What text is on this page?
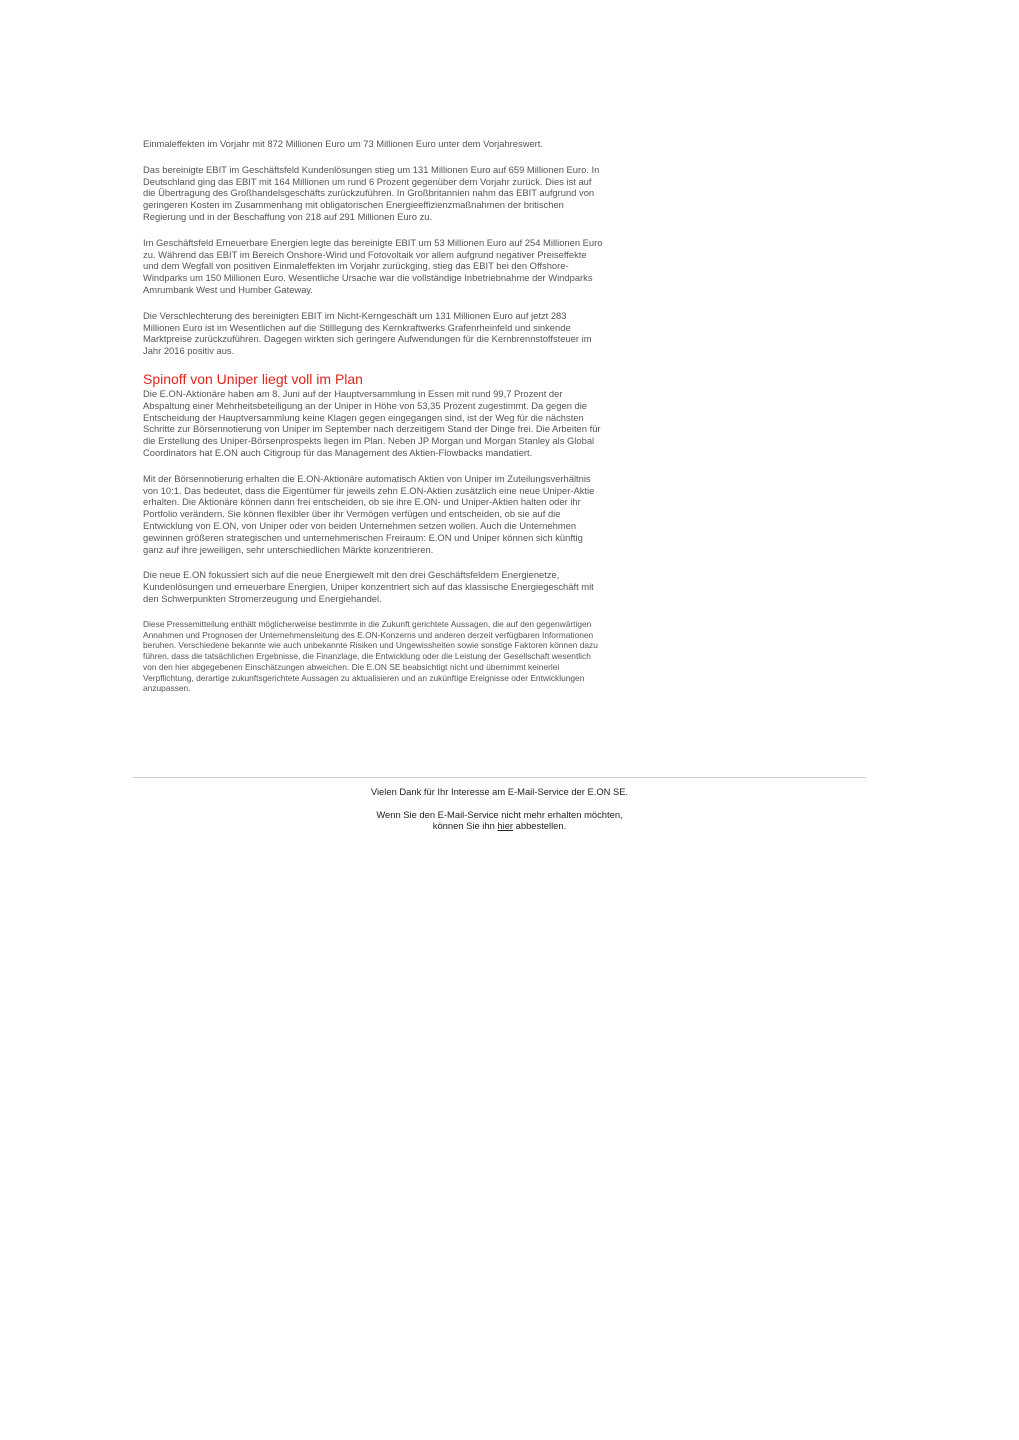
Einmaleffekten im Vorjahr mit 872 Millionen Euro um 73 Millionen Euro unter dem Vorjahreswert.

Das bereinigte EBIT im Geschäftsfeld Kundenlösungen stieg um 131 Millionen Euro auf 659 Millionen Euro. In Deutschland ging das EBIT mit 164 Millionen um rund 6 Prozent gegenüber dem Vorjahr zurück. Dies ist auf die Übertragung des Großhandelsgeschäfts zurückzuführen. In Großbritannien nahm das EBIT aufgrund von geringeren Kosten im Zusammenhang mit obligatorischen Energieeffizienzmaßnahmen der britischen Regierung und in der Beschaffung von 218 auf 291 Millionen Euro zu.

Im Geschäftsfeld Erneuerbare Energien legte das bereinigte EBIT um 53 Millionen Euro auf 254 Millionen Euro zu. Während das EBIT im Bereich Onshore-Wind und Fotovoltaik vor allem aufgrund negativer Preiseffekte und dem Wegfall von positiven Einmaleffekten im Vorjahr zurückging, stieg das EBIT bei den Offshore-Windparks um 150 Millionen Euro. Wesentliche Ursache war die vollständige Inbetriebnahme der Windparks Amrumbank West und Humber Gateway.

Die Verschlechterung des bereinigten EBIT im Nicht-Kerngeschäft um 131 Millionen Euro auf jetzt 283 Millionen Euro ist im Wesentlichen auf die Stilllegung des Kernkraftwerks Grafenrheinfeld und sinkende Marktpreise zurückzuführen. Dagegen wirkten sich geringere Aufwendungen für die Kernbrennstoffsteuer im Jahr 2016 positiv aus.

Spinoff von Uniper liegt voll im Plan

Die E.ON-Aktionäre haben am 8. Juni auf der Hauptversammlung in Essen mit rund 99,7 Prozent der Abspaltung einer Mehrheitsbeteiligung an der Uniper in Höhe von 53,35 Prozent zugestimmt. Da gegen die Entscheidung der Hauptversammlung keine Klagen gegen eingegangen sind, ist der Weg für die nächsten Schritte zur Börsennotierung von Uniper im September nach derzeitigem Stand der Dinge frei. Die Arbeiten für die Erstellung des Uniper-Börsenprospekts liegen im Plan. Neben JP Morgan und Morgan Stanley als Global Coordinators hat E.ON auch Citigroup für das Management des Aktien-Flowbacks mandatiert.

Mit der Börsennotierung erhalten die E.ON-Aktionäre automatisch Aktien von Uniper im Zuteilungsverhältnis von 10:1. Das bedeutet, dass die Eigentümer für jeweils zehn E.ON-Aktien zusätzlich eine neue Uniper-Aktie erhalten. Die Aktionäre können dann frei entscheiden, ob sie ihre E.ON- und Uniper-Aktien halten oder ihr Portfolio verändern. Sie können flexibler über ihr Vermögen verfügen und entscheiden, ob sie auf die Entwicklung von E.ON, von Uniper oder von beiden Unternehmen setzen wollen. Auch die Unternehmen gewinnen größeren strategischen und unternehmerischen Freiraum: E.ON und Uniper können sich künftig ganz auf ihre jeweiligen, sehr unterschiedlichen Märkte konzentrieren.

Die neue E.ON fokussiert sich auf die neue Energiewelt mit den drei Geschäftsfeldern Energienetze, Kundenlösungen und erneuerbare Energien, Uniper konzentriert sich auf das klassische Energiegeschäft mit den Schwerpunkten Stromerzeugung und Energiehandel.

Diese Pressemitteilung enthält möglicherweise bestimmte in die Zukunft gerichtete Aussagen, die auf den gegenwärtigen Annahmen und Prognosen der Unternehmensleitung des E.ON-Konzerns und anderen derzeit verfügbaren Informationen beruhen. Verschiedene bekannte wie auch unbekannte Risiken und Ungewissheiten sowie sonstige Faktoren können dazu führen, dass die tatsächlichen Ergebnisse, die Finanzlage, die Entwicklung oder die Leistung der Gesellschaft wesentlich von den hier abgegebenen Einschätzungen abweichen. Die E.ON SE beabsichtigt nicht und übernimmt keinerlei Verpflichtung, derartige zukunftsgerichtete Aussagen zu aktualisieren und an zukünftige Ereignisse oder Entwicklungen anzupassen.

Vielen Dank für Ihr Interesse am E-Mail-Service der E.ON SE.

Wenn Sie den E-Mail-Service nicht mehr erhalten möchten,
können Sie ihn hier abbestellen.
